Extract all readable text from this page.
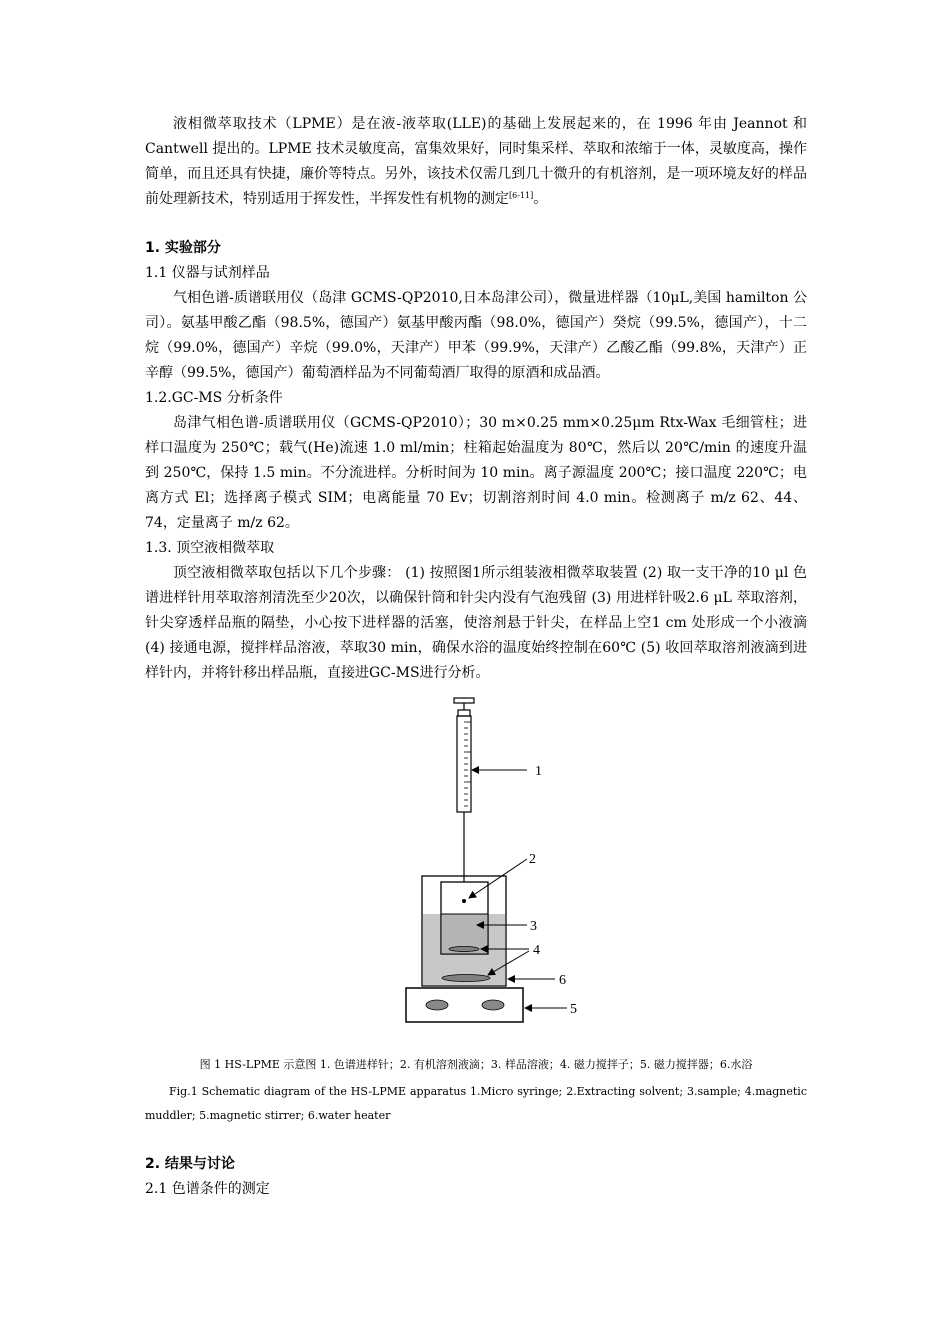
液相微萃取技术（LPME）是在液-液萃取(LLE)的基础上发展起来的，在 1996 年由 Jeannot 和 Cantwell 提出的。LPME 技术灵敏度高，富集效果好，同时集采样、萃取和浓缩于一体，灵敏度高，操作简单，而且还具有快捷，廉价等特点。另外，该技术仅需几到几十微升的有机溶剂，是一项环境友好的样品前处理新技术，特别适用于挥发性，半挥发性有机物的测定[6-11]。

1. 实验部分

1.1 仪器与试剂样品

气相色谱-质谱联用仪（岛津 GCMS-QP2010,日本岛津公司），微量进样器（10μL,美国 hamilton 公司）。氨基甲酸乙酯（98.5%，德国产）氨基甲酸丙酯（98.0%，德国产）癸烷（99.5%，德国产），十二烷（99.0%，德国产）辛烷（99.0%，天津产）甲苯（99.9%，天津产）乙酸乙酯（99.8%，天津产）正辛醇（99.5%，德国产）葡萄酒样品为不同葡萄酒厂取得的原酒和成品酒。

1.2.GC-MS 分析条件

岛津气相色谱-质谱联用仪（GCMS-QP2010）；30 m×0.25 mm×0.25μm Rtx-Wax 毛细管柱；进样口温度为 250℃；载气(He)流速 1.0 ml/min；柱箱起始温度为 80℃，然后以 20℃/min 的速度升温到 250℃，保持 1.5 min。不分流进样。分析时间为 10 min。离子源温度 200℃；接口温度 220℃；电离方式 El；选择离子模式 SIM；电离能量 70 Ev；切割溶剂时间 4.0 min。检测离子 m/z 62、44、74，定量离子 m/z 62。

1.3. 顶空液相微萃取

顶空液相微萃取包括以下几个步骤： (1) 按照图1所示组装液相微萃取装置 (2) 取一支干净的10 μl 色谱进样针用萃取溶剂清洗至少20次，以确保针筒和针尖内没有气泡残留 (3) 用进样针吸2.6 μL 萃取溶剂，针尖穿透样品瓶的隔垫，小心按下进样器的活塞，使溶剂悬于针尖，在样品上空1 cm 处形成一个小液滴 (4) 接通电源，搅拌样品溶液，萃取30 min，确保水浴的温度始终控制在60℃ (5) 收回萃取溶剂液滴到进样针内，并将针移出样品瓶，直接进GC-MS进行分析。

1
2
3
4
6
5

图 1 HS-LPME 示意图 1. 色谱进样针；2. 有机溶剂液滴；3. 样品溶液；4. 磁力搅拌子；5. 磁力搅拌器；6.水浴

Fig.1 Schematic diagram of the HS-LPME apparatus 1.Micro syringe; 2.Extracting solvent; 3.sample; 4.magnetic muddler; 5.magnetic stirrer; 6.water heater

2. 结果与讨论

2.1 色谱条件的测定
